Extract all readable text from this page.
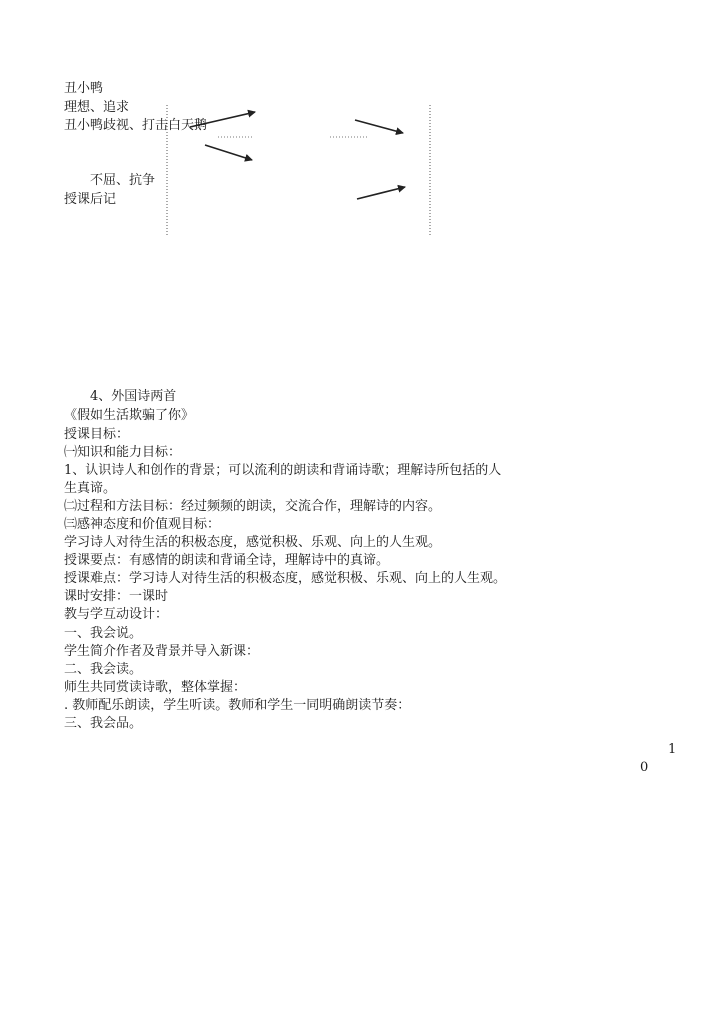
丑小鸭
理想、追求
丑小鸭歧视、打击白天鹅
不屈、抗争
授课后记
4、外国诗两首
《假如生活欺骗了你》
授课目标：
㈠知识和能力目标：
1、认识诗人和创作的背景；可以流利的朗读和背诵诗歌；理解诗所包括的人
生真谛。
㈡过程和方法目标：经过频频的朗读，交流合作，理解诗的内容。
㈢感神态度和价值观目标：
学习诗人对待生活的积极态度，感觉积极、乐观、向上的人生观。
授课要点：有感情的朗读和背诵全诗，理解诗中的真谛。
授课难点：学习诗人对待生活的积极态度，感觉积极、乐观、向上的人生观。
课时安排：一课时
教与学互动设计：
一、我会说。
学生简介作者及背景并导入新课：
二、我会读。
师生共同赏读诗歌，整体掌握：
. 教师配乐朗读，学生听读。教师和学生一同明确朗读节奏：
三、我会品。
1
0
